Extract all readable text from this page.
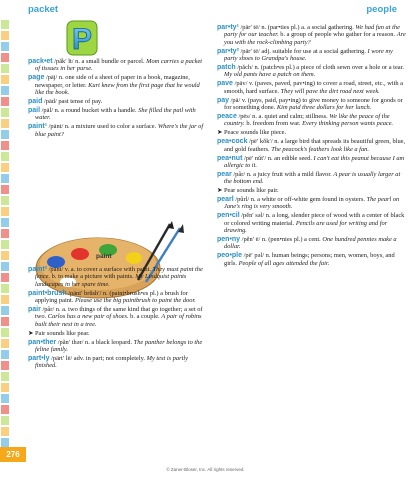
packet	people
P
pack•et /păk′ ĭt/ n. a small bundle or parcel. Mom carries a packet of tissues in her purse.
page /pāj/ n. one side of a sheet of paper in a book, magazine, newspaper, or letter. Kurt knew from the first page that he would like the book.
paid /pād/ past tense of pay.
pail /pāl/ n. a round bucket with a handle. She filled the pail with water.
paint¹ /pānt/ n. a mixture used to color a surface. Where's the jar of blue paint?
paint
paint² /pānt/ v. a. to cover a surface with paint. They must paint the fence. b. to make a picture with paints. My Lindquist paints landscapes in her spare time.
paint•brush /pānt′ brŭsh′/ n. (paint•brush•es pl.) a brush for applying paint. Please use the big paintbrush to paint the door.
pair /pâr/ n. a. two things of the same kind that go together; a set of two. Carlos has a new pair of shoes. b. a couple. A pair of robins built their nest in a tree.
➤ Pair sounds like pear.
pan•ther /păn′ thər/ n. a black leopard. The panther belongs to the feline family.
part•ly /pärt′ lē/ adv. in part; not completely. My test is partly finished.
par•ty¹ /pär′ tē/ n. (par•ties pl.) a. a social gathering. We had fun at the party for our teacher. b. a group of people who gather for a reason. Are you with the rock-climbing party?
par•ty² /pär′ tē/ adj. suitable for use at a social gathering. I wore my party shoes to Grandpa's house.
patch /păch/ n. (patch•es pl.) a piece of cloth sewn over a hole or a tear. My old pants have a patch on them.
pave /pāv/ v. (paves, paved, pav•ing) to cover a road, street, etc., with a smooth, hard surface. They will pave the dirt road next week.
pay /pā/ v. (pays, paid, pay•ing) to give money to someone for goods or for something done. Kim paid three dollars for her lunch.
peace /pēs/ n. a. quiet and calm; stillness. We like the peace of the country. b. freedom from war. Every thinking person wants peace.
➤ Peace sounds like piece.
pea•cock /pē′ kŏk′/ n. a large bird that spreads its beautiful green, blue, and gold feathers. The peacock's feathers look like a fan.
pea•nut /pē′ nŭt′/ n. an edible seed. I can't eat this peanut because I am allergic to it.
pear /pâr/ n. a juicy fruit with a mild flavor. A pear is usually larger at the bottom end.
➤ Pear sounds like pair.
pearl /pûrl/ n. a white or off-white gem found in oysters. The pearl on Jane's ring is very smooth.
pen•cil /pĕn′ səl/ n. a long, slender piece of wood with a center of black or colored writing material. Pencils are used for writing and for drawing.
pen•ny /pĕn′ ē/ n. (pen•nies pl.) a cent. One hundred pennies make a dollar.
peo•ple /pē′ pəl/ n. human beings; persons; men, women, boys, and girls. People of all ages attended the fair.
276
© Zaner-Bloser, Inc. All rights reserved.
